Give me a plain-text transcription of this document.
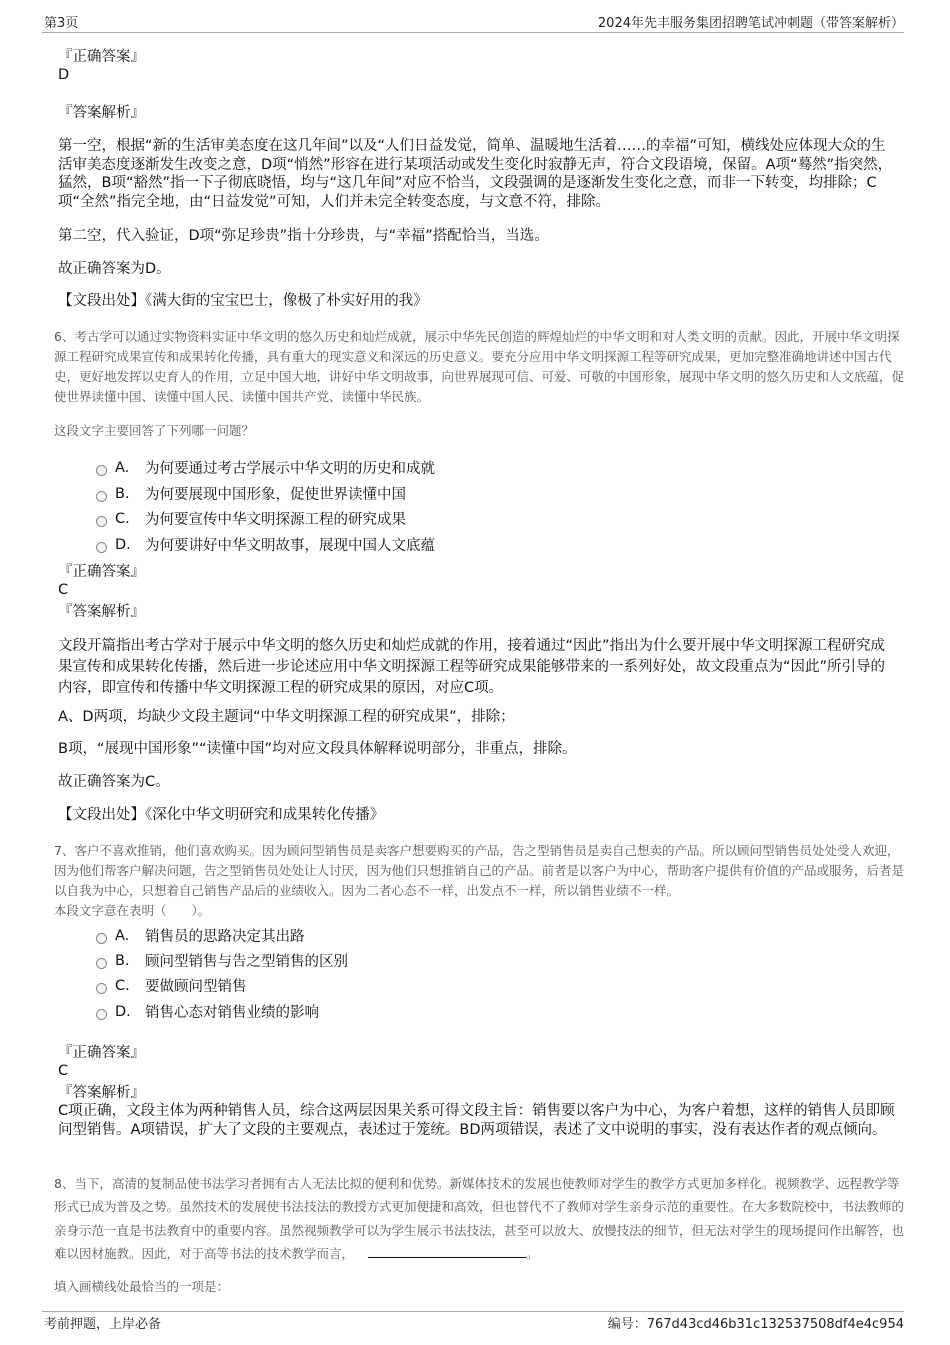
第3页	2024年先丰服务集团招聘笔试冲刺题（带答案解析）
『正确答案』
D
『答案解析』
第一空，根据“新的生活审美态度在这几年间”以及“人们日益发觉，简单、温暖地生活着……的幸福”可知，横线处应体现大众的生活审美态度逐渐发生改变之意，D项“悄然”形容在进行某项活动或发生变化时寂静无声，符合文段语境，保留。A项“蓦然”指突然，猛然，B项“豁然”指一下子彻底晓悟，均与“这几年间”对应不恰当，文段强调的是逐渐发生变化之意，而非一下转变，均排除；C项“全然”指完全地，由“日益发觉”可知，人们并未完全转变态度，与文意不符，排除。
第二空，代入验证，D项“弥足珍贵”指十分珍贵，与“幸福”搭配恰当，当选。
故正确答案为D。
【文段出处】《满大街的宝宝巴士，像极了朴实好用的我》
6、考古学可以通过实物资料实证中华文明的悠久历史和灿烂成就，展示中华先民创造的辉煌灿烂的中华文明和对人类文明的贡献。因此，开展中华文明探源工程研究成果宣传和成果转化传播，具有重大的现实意义和深远的历史意义。要充分应用中华文明探源工程等研究成果，更加完整准确地讲述中国古代史，更好地发挥以史育人的作用，立足中国大地，讲好中华文明故事，向世界展现可信、可爱、可敬的中国形象，展现中华文明的悠久历史和人文底蕴，促使世界读懂中国、读懂中国人民、读懂中国共产党、读懂中华民族。
这段文字主要回答了下列哪一问题？
A.	为何要通过考古学展示中华文明的历史和成就
B.	为何要展现中国形象，促使世界读懂中国
C.	为何要宣传中华文明探源工程的研究成果
D. 为何要讲好中华文明故事，展现中国人文底蕴
『正确答案』
C
『答案解析』
文段开篇指出考古学对于展示中华文明的悠久历史和灿烂成就的作用，接着通过“因此”指出为什么要开展中华文明探源工程研究成果宣传和成果转化传播，然后进一步论述应用中华文明探源工程等研究成果能够带来的一系列好处，故文段重点为“因此”所引导的内容，即宣传和传播中华文明探源工程的研究成果的原因，对应C项。
A、D两项，均缺少文段主题词“中华文明探源工程的研究成果”，排除；
B项，“展现中国形象”“读懂中国”均对应文段具体解释说明部分，非重点，排除。
故正确答案为C。
【文段出处】《深化中华文明研究和成果转化传播》
7、客户不喜欢推销，他们喜欢购买。因为顾问型销售员是卖客户想要购买的产品，告之型销售员是卖自己想卖的产品。所以顾问型销售员处处受人欢迎，因为他们帮客户解决问题，告之型销售员处处让人讨厌，因为他们只想推销自己的产品。前者是以客户为中心，帮助客户提供有价值的产品或服务，后者是以自我为中心，只想着自己销售产品后的业绩收入。因为二者心态不一样，出发点不一样，所以销售业绩不一样。
本段文字意在表明（　　）。
A.	销售员的思路决定其出路
B.	顾问型销售与告之型销售的区别
C.	要做顾问型销售
D. 销售心态对销售业绩的影响
『正确答案』
C
『答案解析』
C项正确，文段主体为两种销售人员，综合这两层因果关系可得文段主旨：销售要以客户为中心，为客户着想，这样的销售人员即顾问型销售。A项错误，扩大了文段的主要观点，表述过于笼统。BD两项错误，表述了文中说明的事实，没有表达作者的观点倾向。
8、当下，高清的复制品使书法学习者拥有古人无法比拟的便利和优势。新媒体技术的发展也使教师对学生的教学方式更加多样化。视频教学、远程教学等形式已成为普及之势。虽然技术的发展使书法技法的教授方式更加便捷和高效，但也替代不了教师对学生亲身示范的重要性。在大多数院校中，书法教师的亲身示范一直是书法教育中的重要内容。虽然视频教学可以为学生展示书法技法，甚至可以放大、放慢技法的细节，但无法对学生的现场提问作出解答，也难以因材施教。因此，对于高等书法的技术教学而言，	。
填入画横线处最恰当的一项是：
考前押题，上岸必备	编号：767d43cd46b31c132537508df4e4c954
